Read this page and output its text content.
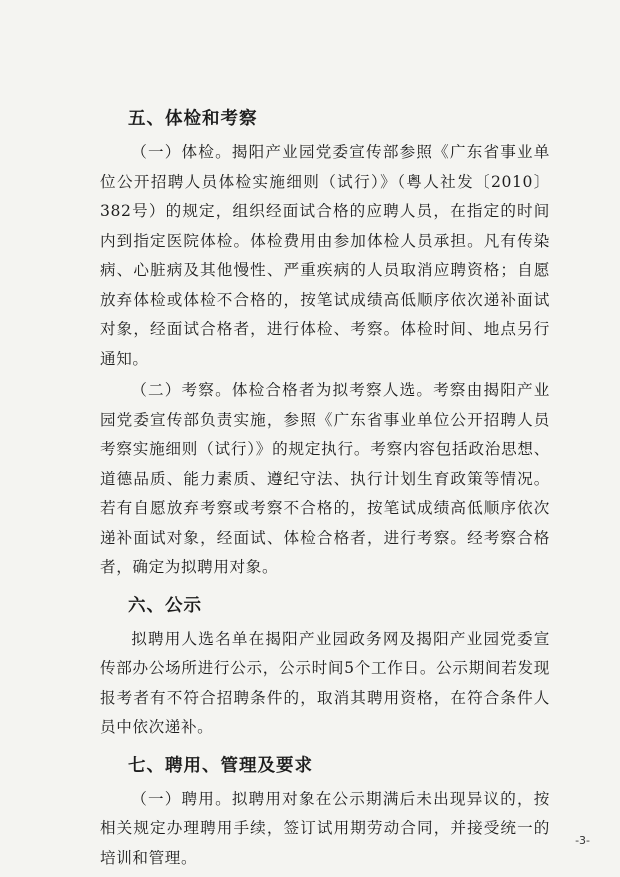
五、体检和考察

（一）体检。揭阳产业园党委宣传部参照《广东省事业单位公开招聘人员体检实施细则（试行）》（粤人社发〔2010〕382号）的规定，组织经面试合格的应聘人员，在指定的时间内到指定医院体检。体检费用由参加体检人员承担。凡有传染病、心脏病及其他慢性、严重疾病的人员取消应聘资格；自愿放弃体检或体检不合格的，按笔试成绩高低顺序依次递补面试对象，经面试合格者，进行体检、考察。体检时间、地点另行通知。

（二）考察。体检合格者为拟考察人选。考察由揭阳产业园党委宣传部负责实施，参照《广东省事业单位公开招聘人员考察实施细则（试行）》的规定执行。考察内容包括政治思想、道德品质、能力素质、遵纪守法、执行计划生育政策等情况。若有自愿放弃考察或考察不合格的，按笔试成绩高低顺序依次递补面试对象，经面试、体检合格者，进行考察。经考察合格者，确定为拟聘用对象。

六、公示

拟聘用人选名单在揭阳产业园政务网及揭阳产业园党委宣传部办公场所进行公示，公示时间5个工作日。公示期间若发现报考者有不符合招聘条件的，取消其聘用资格，在符合条件人员中依次递补。

七、聘用、管理及要求

（一）聘用。拟聘用对象在公示期满后未出现异议的，按相关规定办理聘用手续，签订试用期劳动合同，并接受统一的培训和管理。

-3-
